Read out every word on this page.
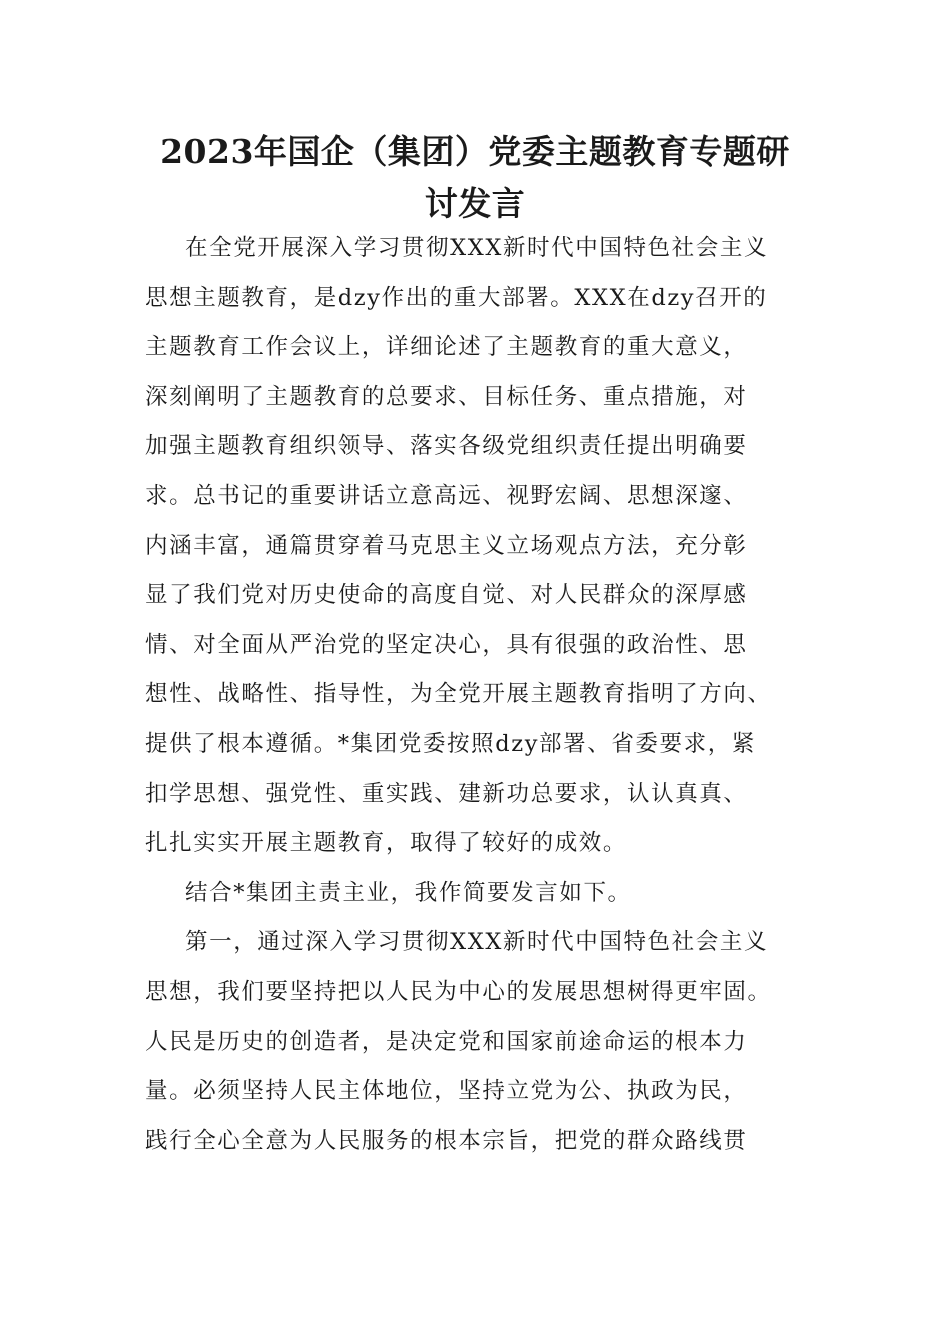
2023年国企（集团）党委主题教育专题研
讨发言
在全党开展深入学习贯彻XXX新时代中国特色社会主义
思想主题教育，是dzy作出的重大部署。XXX在dzy召开的
主题教育工作会议上，详细论述了主题教育的重大意义，
深刻阐明了主题教育的总要求、目标任务、重点措施，对
加强主题教育组织领导、落实各级党组织责任提出明确要
求。总书记的重要讲话立意高远、视野宏阔、思想深邃、
内涵丰富，通篇贯穿着马克思主义立场观点方法，充分彰
显了我们党对历史使命的高度自觉、对人民群众的深厚感
情、对全面从严治党的坚定决心，具有很强的政治性、思
想性、战略性、指导性，为全党开展主题教育指明了方向、
提供了根本遵循。*集团党委按照dzy部署、省委要求，紧
扣学思想、强党性、重实践、建新功总要求，认认真真、
扎扎实实开展主题教育，取得了较好的成效。
结合*集团主责主业，我作简要发言如下。
第一，通过深入学习贯彻XXX新时代中国特色社会主义
思想，我们要坚持把以人民为中心的发展思想树得更牢固。
人民是历史的创造者，是决定党和国家前途命运的根本力
量。必须坚持人民主体地位，坚持立党为公、执政为民，
践行全心全意为人民服务的根本宗旨，把党的群众路线贯
